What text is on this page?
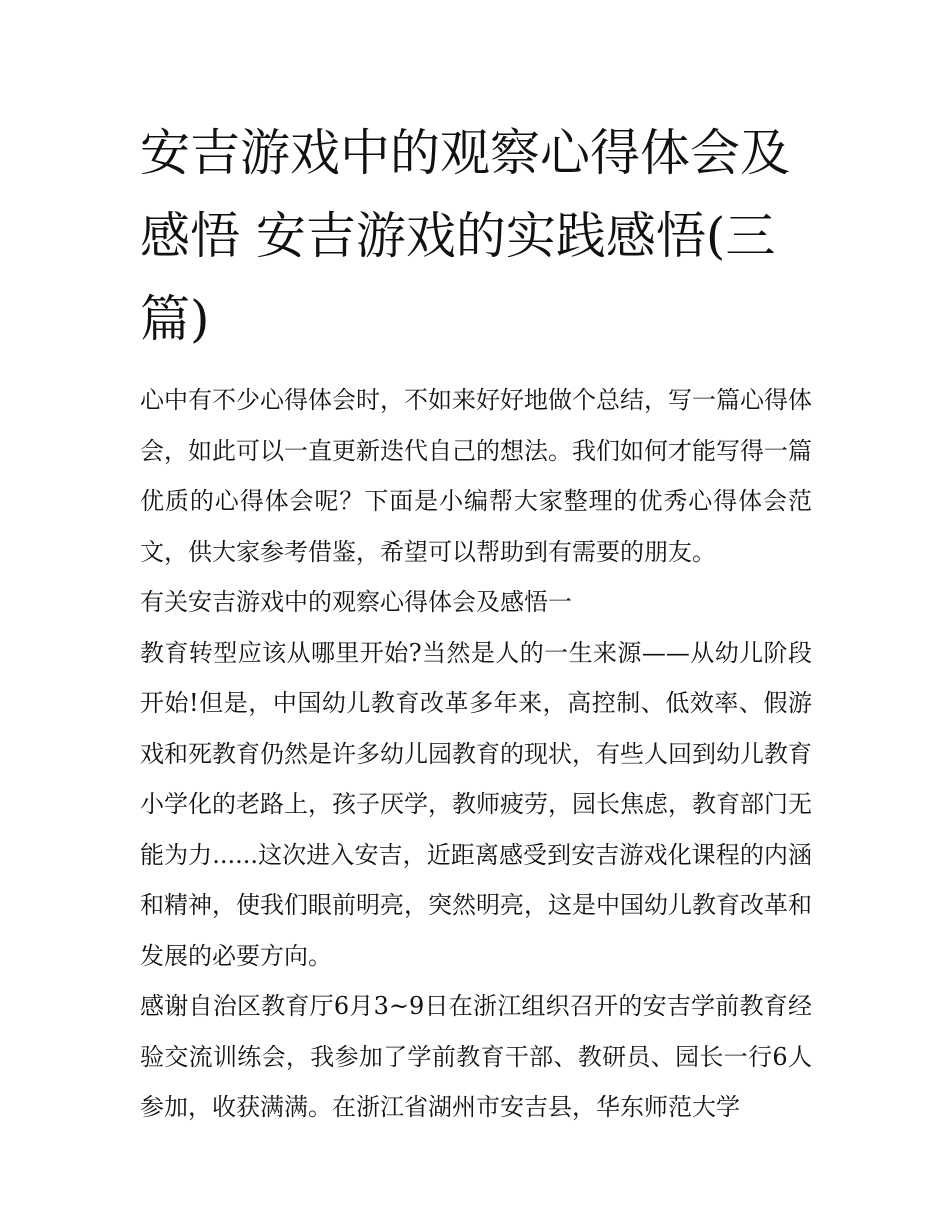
安吉游戏中的观察心得体会及感悟 安吉游戏的实践感悟(三篇)

心中有不少心得体会时，不如来好好地做个总结，写一篇心得体会，如此可以一直更新迭代自己的想法。我们如何才能写得一篇优质的心得体会呢？下面是小编帮大家整理的优秀心得体会范文，供大家参考借鉴，希望可以帮助到有需要的朋友。

有关安吉游戏中的观察心得体会及感悟一

教育转型应该从哪里开始?当然是人的一生来源——从幼儿阶段开始!但是，中国幼儿教育改革多年来，高控制、低效率、假游戏和死教育仍然是许多幼儿园教育的现状，有些人回到幼儿教育小学化的老路上，孩子厌学，教师疲劳，园长焦虑，教育部门无能为力......这次进入安吉，近距离感受到安吉游戏化课程的内涵和精神，使我们眼前明亮，突然明亮，这是中国幼儿教育改革和发展的必要方向。

感谢自治区教育厅6月3~9日在浙江组织召开的安吉学前教育经验交流训练会，我参加了学前教育干部、教研员、园长一行6人参加，收获满满。在浙江省湖州市安吉县，华东师范大学
